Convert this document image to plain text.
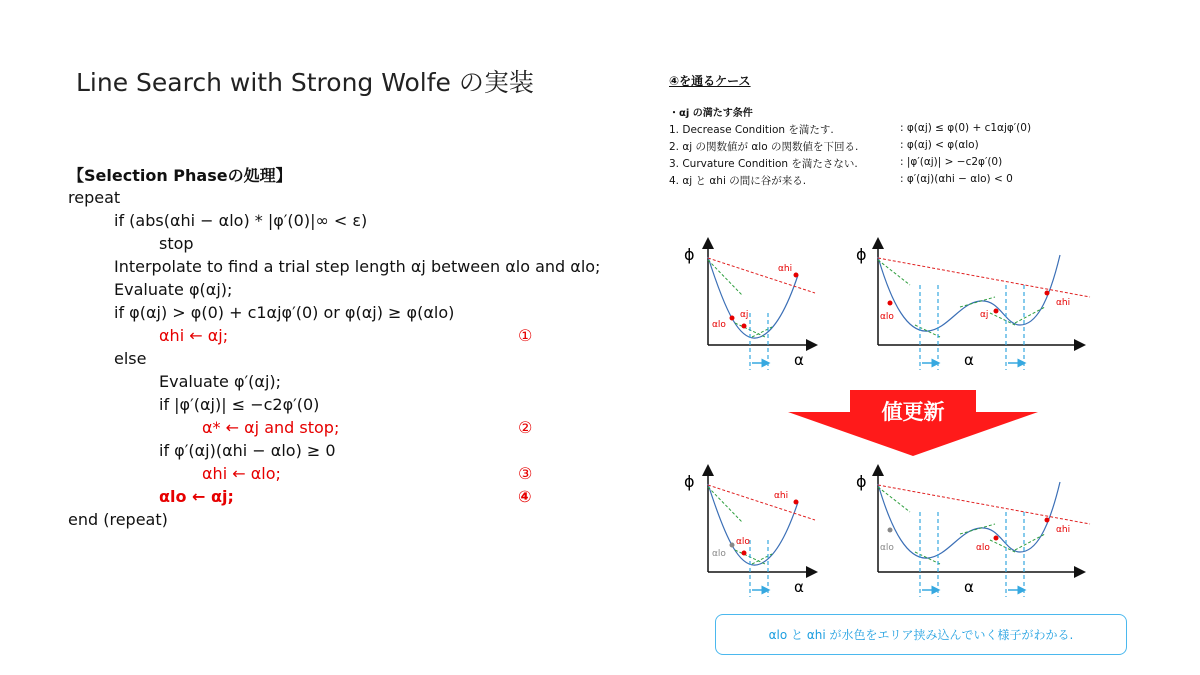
Line Search with Strong Wolfe の実装
【Selection Phaseの処理】
repeat
if (abs(αhi − αlo) * |φ′(0)|∞ < ε)
stop
Interpolate to find a trial step length αj between αlo and αlo;
Evaluate φ(αj);
if φ(αj) > φ(0) + c1αjφ′(0) or φ(αj) ≥ φ(αlo)
αhi ← αj;
else
Evaluate φ′(αj);
if |φ′(αj)| ≤ −c2φ′(0)
α* ← αj and stop;
if φ′(αj)(αhi − αlo) ≥ 0
αhi ← αlo;
αlo ← αj;
end (repeat)
①
②
③
④
④を通るケース
・αj の満たす条件
1. Decrease Condition を満たす.	: φ(αj) ≤ φ(0) + c1αjφ′(0)
2. αj の関数値が αlo の関数値を下回る.	: φ(αj) < φ(αlo)
3. Curvature Condition を満たさない.	: |φ′(αj)| > −c2φ′(0)
4. αj と αhi の間に谷が来る.	: φ′(αj)(αhi − αlo) < 0
ϕ
α
αlo
αj
αhi
ϕ
α
αlo	αj
αhi
ϕ
α
αlo
αlo
αhi
ϕ
α
αlo	αlo
αhi
値更新
αlo と αhi が水色をエリア挟み込んでいく様子がわかる.
